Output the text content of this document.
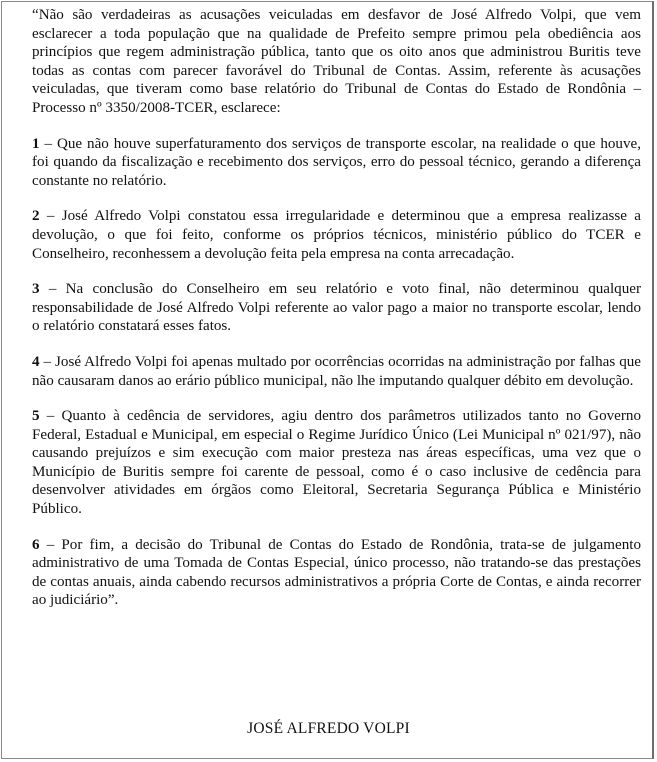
“Não são verdadeiras as acusações veiculadas em desfavor de José Alfredo Volpi, que vem esclarecer a toda população que na qualidade de Prefeito sempre primou pela obediência aos princípios que regem administração pública, tanto que os oito anos que administrou Buritis teve todas as contas com parecer favorável do Tribunal de Contas. Assim, referente às acusações veiculadas, que tiveram como base relatório do Tribunal de Contas do Estado de Rondônia – Processo nº 3350/2008-TCER, esclarece:

1 – Que não houve superfaturamento dos serviços de transporte escolar, na realidade o que houve, foi quando da fiscalização e recebimento dos serviços, erro do pessoal técnico, gerando a diferença constante no relatório.

2 – José Alfredo Volpi constatou essa irregularidade e determinou que a empresa realizasse a devolução, o que foi feito, conforme os próprios técnicos, ministério público do TCER e Conselheiro, reconhessem a devolução feita pela empresa na conta arrecadação.

3 – Na conclusão do Conselheiro em seu relatório e voto final, não determinou qualquer responsabilidade de José Alfredo Volpi referente ao valor pago a maior no transporte escolar, lendo o relatório constatará esses fatos.

4 – José Alfredo Volpi foi apenas multado por ocorrências ocorridas na administração por falhas que não causaram danos ao erário público municipal, não lhe imputando qualquer débito em devolução.

5 – Quanto à cedência de servidores, agiu dentro dos parâmetros utilizados tanto no Governo Federal, Estadual e Municipal, em especial o Regime Jurídico Único (Lei Municipal nº 021/97), não causando prejuízos e sim execução com maior presteza nas áreas específicas, uma vez que o Município de Buritis sempre foi carente de pessoal, como é o caso inclusive de cedência para desenvolver atividades em órgãos como Eleitoral, Secretaria Segurança Pública e Ministério Público.

6 – Por fim, a decisão do Tribunal de Contas do Estado de Rondônia, trata-se de julgamento administrativo de uma Tomada de Contas Especial, único processo, não tratando-se das prestações de contas anuais, ainda cabendo recursos administrativos a própria Corte de Contas, e ainda recorrer ao judiciário”.

JOSÉ ALFREDO VOLPI
